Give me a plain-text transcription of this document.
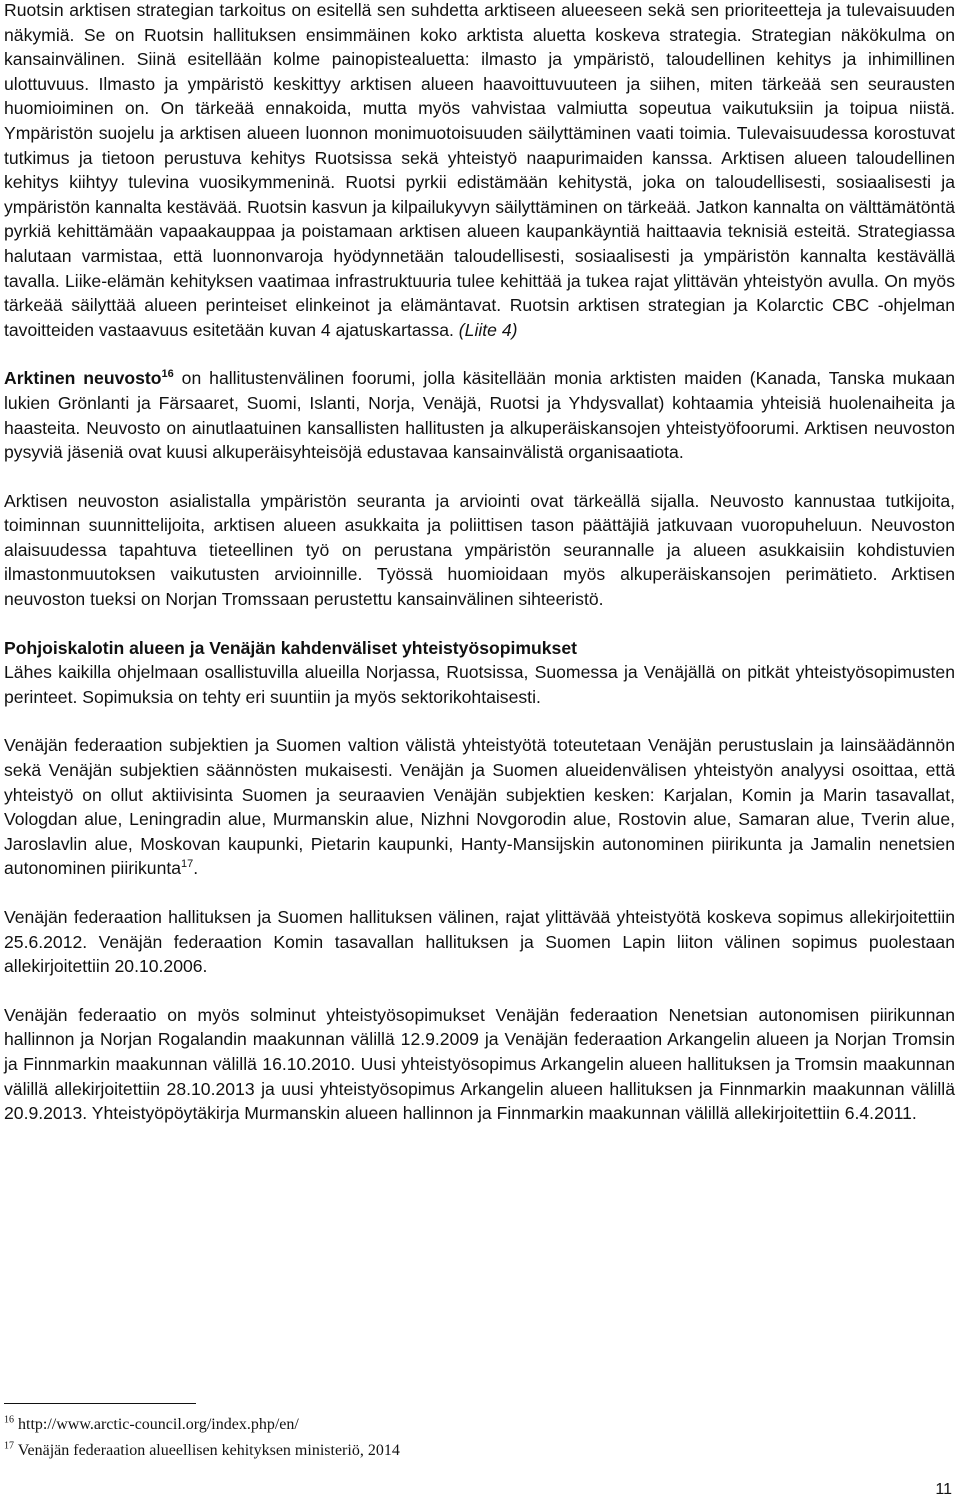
Ruotsin arktisen strategian tarkoitus on esitellä sen suhdetta arktiseen alueeseen sekä sen prioriteetteja ja tulevaisuuden näkymiä. Se on Ruotsin hallituksen ensimmäinen koko arktista aluetta koskeva strategia. Strategian näkökulma on kansainvälinen. Siinä esitellään kolme painopistealuetta: ilmasto ja ympäristö, taloudellinen kehitys ja inhimillinen ulottuvuus. Ilmasto ja ympäristö keskittyy arktisen alueen haavoittuvuuteen ja siihen, miten tärkeää sen seurausten huomioiminen on. On tärkeää ennakoida, mutta myös vahvistaa valmiutta sopeutua vaikutuksiin ja toipua niistä. Ympäristön suojelu ja arktisen alueen luonnon monimuotoisuuden säilyttäminen vaati toimia. Tulevaisuudessa korostuvat tutkimus ja tietoon perustuva kehitys Ruotsissa sekä yhteistyö naapurimaiden kanssa. Arktisen alueen taloudellinen kehitys kiihtyy tulevina vuosikymmeninä. Ruotsi pyrkii edistämään kehitystä, joka on taloudellisesti, sosiaalisesti ja ympäristön kannalta kestävää. Ruotsin kasvun ja kilpailukyvyn säilyttäminen on tärkeää. Jatkon kannalta on välttämätöntä pyrkiä kehittämään vapaakauppaa ja poistamaan arktisen alueen kaupankäyntiä haittaavia teknisiä esteitä. Strategiassa halutaan varmistaa, että luonnonvaroja hyödynnetään taloudellisesti, sosiaalisesti ja ympäristön kannalta kestävällä tavalla. Liike-elämän kehityksen vaatimaa infrastruktuuria tulee kehittää ja tukea rajat ylittävän yhteistyön avulla. On myös tärkeää säilyttää alueen perinteiset elinkeinot ja elämäntavat. Ruotsin arktisen strategian ja Kolarctic CBC -ohjelman tavoitteiden vastaavuus esitetään kuvan 4 ajatuskartassa. (Liite 4)

Arktinen neuvosto$^{16}$ on hallitustenvälinen foorumi, jolla käsitellään monia arktisten maiden (Kanada, Tanska mukaan lukien Grönlanti ja Färsaaret, Suomi, Islanti, Norja, Venäjä, Ruotsi ja Yhdysvallat) kohtaamia yhteisiä huolenaiheita ja haasteita. Neuvosto on ainutlaatuinen kansallisten hallitusten ja alkuperäiskansojen yhteistyöfoorumi. Arktisen neuvoston pysyviä jäseniä ovat kuusi alkuperäisyhteisöjä edustavaa kansainvälistä organisaatiota.

Arktisen neuvoston asialistalla ympäristön seuranta ja arviointi ovat tärkeällä sijalla. Neuvosto kannustaa tutkijoita, toiminnan suunnittelijoita, arktisen alueen asukkaita ja poliittisen tason päättäjiä jatkuvaan vuoropuheluun. Neuvoston alaisuudessa tapahtuva tieteellinen työ on perustana ympäristön seurannalle ja alueen asukkaisiin kohdistuvien ilmastonmuutoksen vaikutusten arvioinnille. Työssä huomioidaan myös alkuperäiskansojen perimätieto. Arktisen neuvoston tueksi on Norjan Tromssaan perustettu kansainvälinen sihteeristö.

Pohjoiskalotin alueen ja Venäjän kahdenväliset yhteistyösopimukset

Lähes kaikilla ohjelmaan osallistuvilla alueilla Norjassa, Ruotsissa, Suomessa ja Venäjällä on pitkät yhteistyösopimusten perinteet. Sopimuksia on tehty eri suuntiin ja myös sektorikohtaisesti.

Venäjän federaation subjektien ja Suomen valtion välistä yhteistyötä toteutetaan Venäjän perustuslain ja lainsäädännön sekä Venäjän subjektien säännösten mukaisesti. Venäjän ja Suomen alueidenvälisen yhteistyön analyysi osoittaa, että yhteistyö on ollut aktiivisinta Suomen ja seuraavien Venäjän subjektien kesken: Karjalan, Komin ja Marin tasavallat, Vologdan alue, Leningradin alue, Murmanskin alue, Nizhni Novgorodin alue, Rostovin alue, Samaran alue, Tverin alue, Jaroslavlin alue, Moskovan kaupunki, Pietarin kaupunki, Hanty-Mansijskin autonominen piirikunta ja Jamalin nenetsien autonominen piirikunta$^{17}$.

Venäjän federaation hallituksen ja Suomen hallituksen välinen, rajat ylittävää yhteistyötä koskeva sopimus allekirjoitettiin 25.6.2012. Venäjän federaation Komin tasavallan hallituksen ja Suomen Lapin liiton välinen sopimus puolestaan allekirjoitettiin 20.10.2006.

Venäjän federaatio on myös solminut yhteistyösopimukset Venäjän federaation Nenetsian autonomisen piirikunnan hallinnon ja Norjan Rogalandin maakunnan välillä 12.9.2009 ja Venäjän federaation Arkangelin alueen ja Norjan Tromsin ja Finnmarkin maakunnan välillä 16.10.2010. Uusi yhteistyösopimus Arkangelin alueen hallituksen ja Tromsin maakunnan välillä allekirjoitettiin 28.10.2013 ja uusi yhteistyösopimus Arkangelin alueen hallituksen ja Finnmarkin maakunnan välillä 20.9.2013. Yhteistyöpöytäkirja Murmanskin alueen hallinnon ja Finnmarkin maakunnan välillä allekirjoitettiin 6.4.2011.

$^{16}$ http://www.arctic-council.org/index.php/en/
$^{17}$ Venäjän federaation alueellisen kehityksen ministeriö, 2014
11
